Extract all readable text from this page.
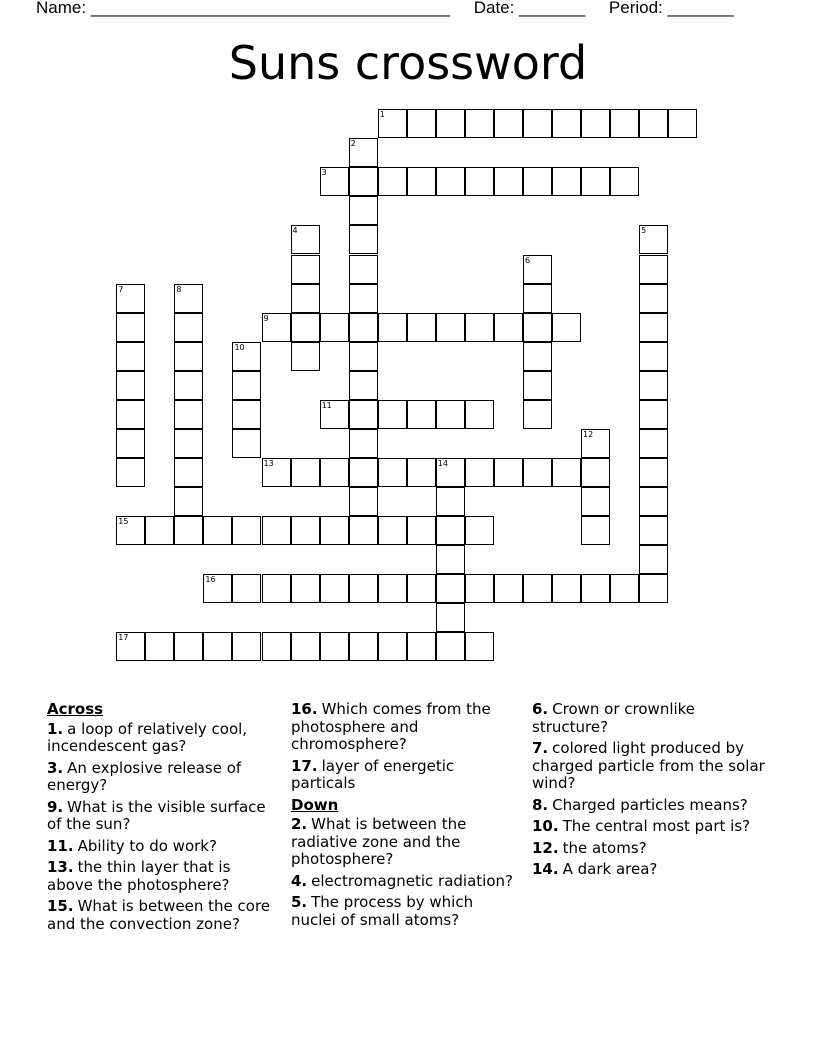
Name: ______________________________________ Date: _______ Period: _______
Suns crossword
1
2
3
4	5
6
7	8
9
10
11
12
13	14
15
16
17
Across
1. a loop of relatively cool, incendescent gas?
3. An explosive release of energy?
9. What is the visible surface of the sun?
11. Ability to do work?
13. the thin layer that is above the photosphere?
15. What is between the core and the convection zone?
16. Which comes from the photosphere and chromosphere?
17. layer of energetic particals
Down
2. What is between the radiative zone and the photosphere?
4. electromagnetic radiation?
5. The process by which nuclei of small atoms?
6. Crown or crownlike structure?
7. colored light produced by charged particle from the solar wind?
8. Charged particles means?
10. The central most part is?
12. the atoms?
14. A dark area?
